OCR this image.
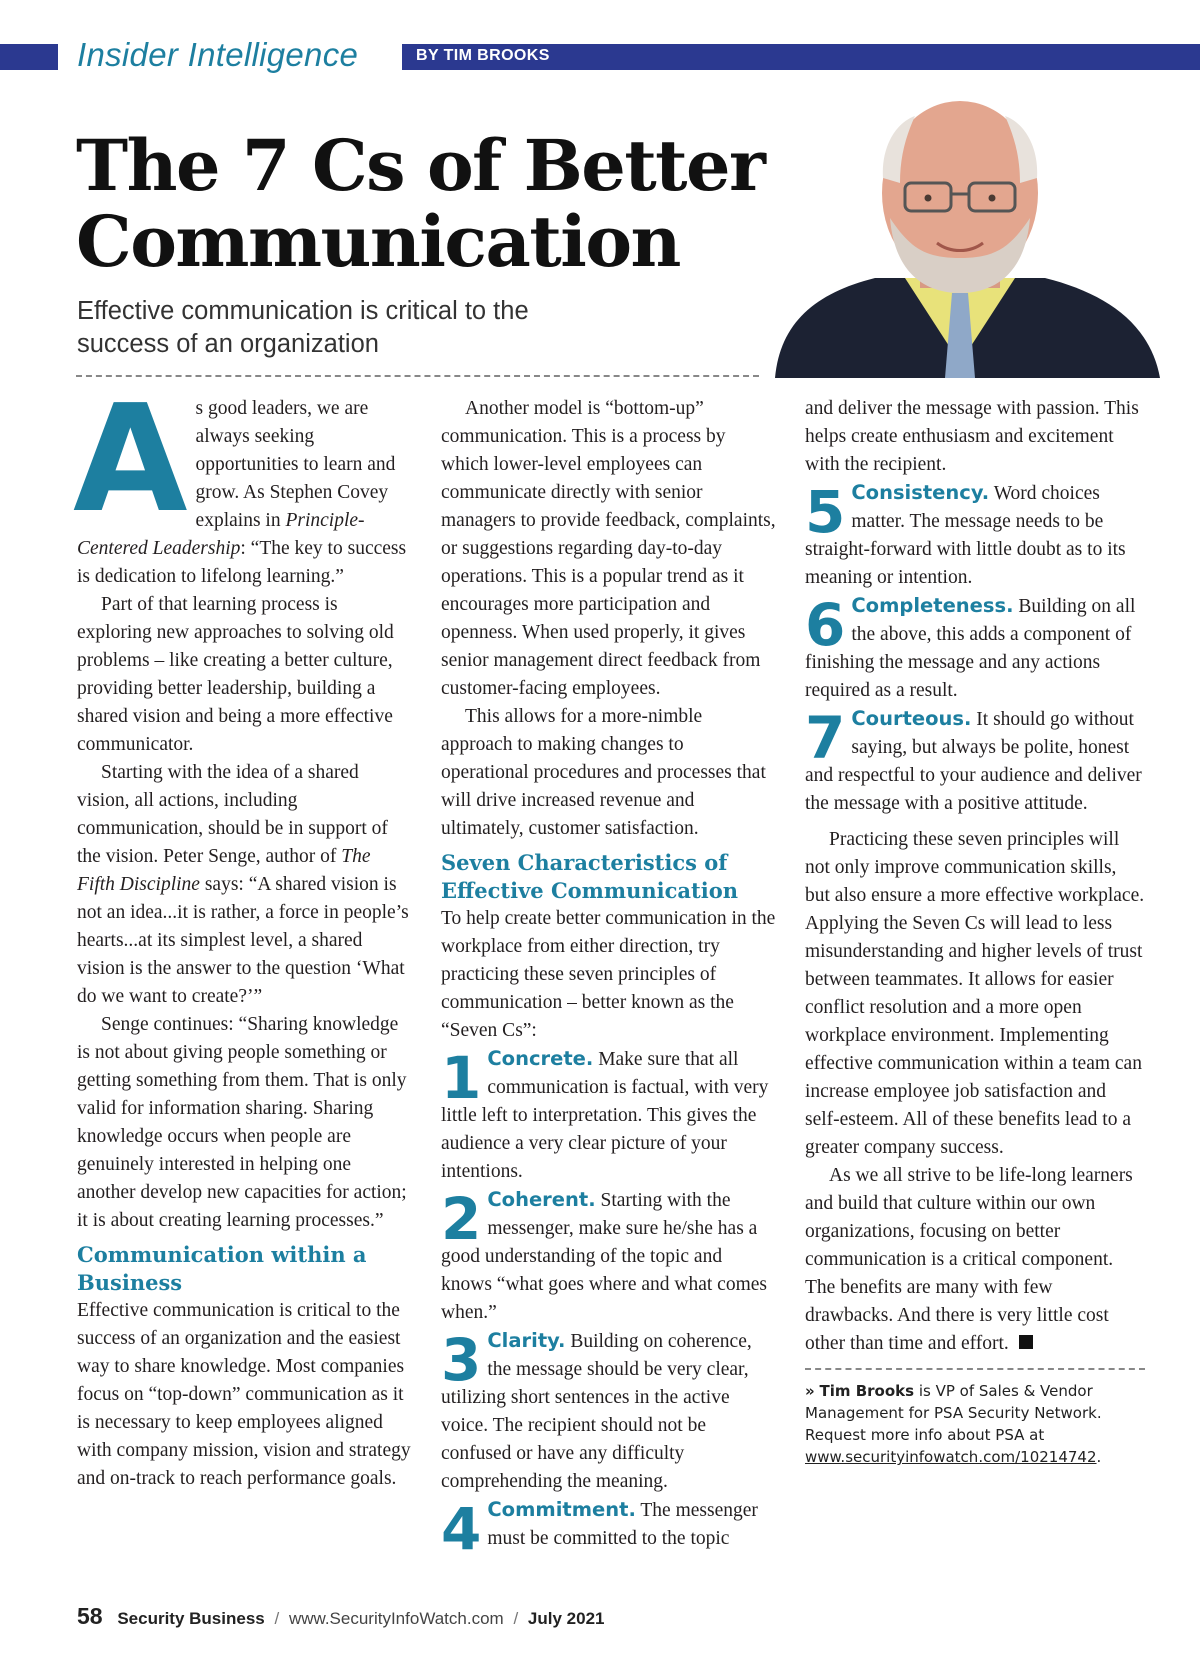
Insider Intelligence	BY TIM BROOKS
The 7 Cs of Better Communication

Effective communication is critical to the success of an organization

As good leaders, we are always seeking opportunities to learn and grow. As Stephen Covey explains in Principle-Centered Leadership: “The key to success is dedication to lifelong learning.”

Part of that learning process is exploring new approaches to solving old problems – like creating a better culture, providing better leadership, building a shared vision and being a more effective communicator.

Starting with the idea of a shared vision, all actions, including communication, should be in support of the vision. Peter Senge, author of The Fifth Discipline says: “A shared vision is not an idea...it is rather, a force in people’s hearts...at its simplest level, a shared vision is the answer to the question ‘What do we want to create?’”

Senge continues: “Sharing knowledge is not about giving people something or getting something from them. That is only valid for information sharing. Sharing knowledge occurs when people are genuinely interested in helping one another develop new capacities for action; it is about creating learning processes.”

Communication within a Business

Effective communication is critical to the success of an organization and the easiest way to share knowledge. Most companies focus on “top-down” communication as it is necessary to keep employees aligned with company mission, vision and strategy and on-track to reach performance goals.

Another model is “bottom-up” communication. This is a process by which lower-level employees can communicate directly with senior managers to provide feedback, complaints, or suggestions regarding day-to-day operations. This is a popular trend as it encourages more participation and openness. When used properly, it gives senior management direct feedback from customer-facing employees.

This allows for a more-nimble approach to making changes to operational procedures and processes that will drive increased revenue and ultimately, customer satisfaction.

Seven Characteristics of Effective Communication

To help create better communication in the workplace from either direction, try practicing these seven principles of communication – better known as the “Seven Cs”:

1 Concrete. Make sure that all communication is factual, with very little left to interpretation. This gives the audience a very clear picture of your intentions.

2 Coherent. Starting with the messenger, make sure he/she has a good understanding of the topic and knows “what goes where and what comes when.”

3 Clarity. Building on coherence, the message should be very clear, utilizing short sentences in the active voice. The recipient should not be confused or have any difficulty comprehending the meaning.

4 Commitment. The messenger must be committed to the topic

and deliver the message with passion. This helps create enthusiasm and excitement with the recipient.

5 Consistency. Word choices matter. The message needs to be straight-forward with little doubt as to its meaning or intention.

6 Completeness. Building on all the above, this adds a component of finishing the message and any actions required as a result.

7 Courteous. It should go without saying, but always be polite, honest and respectful to your audience and deliver the message with a positive attitude.

Practicing these seven principles will not only improve communication skills, but also ensure a more effective workplace. Applying the Seven Cs will lead to less misunderstanding and higher levels of trust between teammates. It allows for easier conflict resolution and a more open workplace environment. Implementing effective communication within a team can increase employee job satisfaction and self-esteem. All of these benefits lead to a greater company success.

As we all strive to be life-long learners and build that culture within our own organizations, focusing on better communication is a critical component. The benefits are many with few drawbacks. And there is very little cost other than time and effort.

» Tim Brooks is VP of Sales & Vendor Management for PSA Security Network. Request more info about PSA at www.securityinfowatch.com/10214742.

58 Security Business / www.SecurityInfoWatch.com / July 2021
